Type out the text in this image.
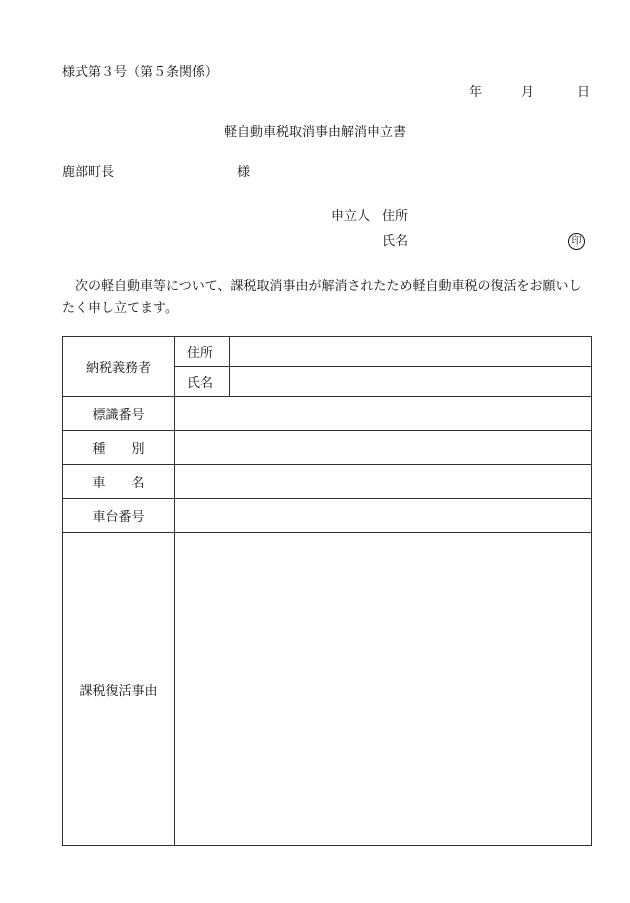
様式第３号（第５条関係）
年	月	日
軽自動車税取消事由解消申立書
鹿部町長	様
申立人 住所
氏名	印
次の軽自動車等について、課税取消事由が解消されたため軽自動車税の復活をお願いしたく申し立てます。
納税義務者	住所	
	氏名	
標識番号		
種　　別		
車　　名		
車台番号		
課税復活事由		
